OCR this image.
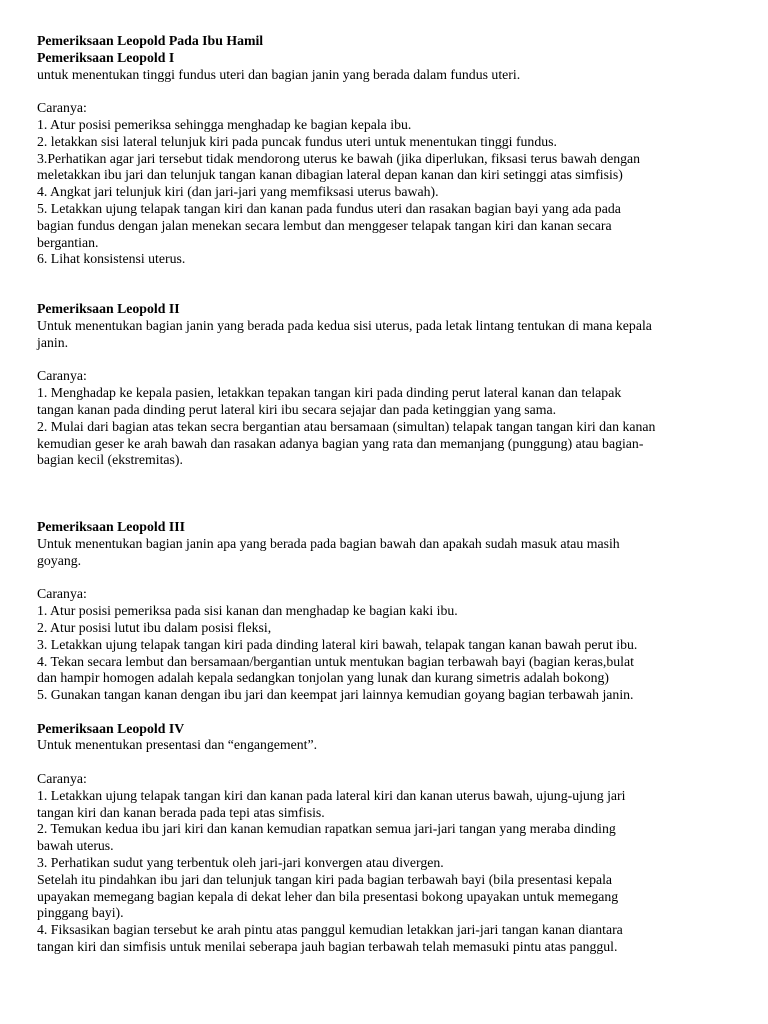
Pemeriksaan Leopold Pada Ibu Hamil
Pemeriksaan Leopold I
untuk menentukan tinggi fundus uteri dan bagian janin yang berada dalam fundus uteri.
Caranya:
1. Atur posisi pemeriksa sehingga menghadap ke bagian kepala ibu.
2. letakkan sisi lateral telunjuk kiri pada puncak fundus uteri untuk menentukan tinggi fundus.
3.Perhatikan agar jari tersebut tidak mendorong uterus ke bawah (jika diperlukan, fiksasi terus bawah dengan
meletakkan ibu jari dan telunjuk tangan kanan dibagian lateral depan kanan dan kiri setinggi atas simfisis)
4. Angkat jari telunjuk kiri (dan jari-jari yang memfiksasi uterus bawah).
5. Letakkan ujung telapak tangan kiri dan kanan pada fundus uteri dan rasakan bagian bayi yang ada pada
bagian fundus dengan jalan menekan secara lembut dan menggeser telapak tangan kiri dan kanan secara
bergantian.
6. Lihat konsistensi uterus.
Pemeriksaan Leopold II
Untuk menentukan bagian janin yang berada pada kedua sisi uterus, pada letak lintang tentukan di mana kepala
janin.
Caranya:
1. Menghadap ke kepala pasien, letakkan tepakan tangan kiri pada dinding perut lateral kanan dan telapak
tangan kanan pada dinding perut lateral kiri ibu secara sejajar dan pada ketinggian yang sama.
2. Mulai dari bagian atas tekan secra bergantian atau bersamaan (simultan) telapak tangan tangan kiri dan kanan
kemudian geser ke arah bawah dan rasakan adanya bagian yang rata dan memanjang (punggung) atau bagian-
bagian kecil (ekstremitas).
Pemeriksaan Leopold III
Untuk menentukan bagian janin apa yang berada pada bagian bawah dan apakah sudah masuk atau masih
goyang.
Caranya:
1. Atur posisi pemeriksa pada sisi kanan dan menghadap ke bagian kaki ibu.
2. Atur posisi lutut ibu dalam posisi fleksi,
3. Letakkan ujung telapak tangan kiri pada dinding lateral kiri bawah, telapak tangan kanan bawah perut ibu.
4. Tekan secara lembut dan bersamaan/bergantian untuk mentukan bagian terbawah bayi (bagian keras,bulat
dan hampir homogen adalah kepala sedangkan tonjolan yang lunak dan kurang simetris adalah bokong)
5. Gunakan tangan kanan dengan ibu jari dan keempat jari lainnya kemudian goyang bagian terbawah janin.
Pemeriksaan Leopold IV
Untuk menentukan presentasi dan “engangement”.
Caranya:
1. Letakkan ujung telapak tangan kiri dan kanan pada lateral kiri dan kanan uterus bawah, ujung-ujung jari
tangan kiri dan kanan berada pada tepi atas simfisis.
2. Temukan kedua ibu jari kiri dan kanan kemudian rapatkan semua jari-jari tangan yang meraba dinding
bawah uterus.
3. Perhatikan sudut yang terbentuk oleh jari-jari konvergen atau divergen.
Setelah itu pindahkan ibu jari dan telunjuk tangan kiri pada bagian terbawah bayi (bila presentasi kepala
upayakan memegang bagian kepala di dekat leher dan bila presentasi bokong upayakan untuk memegang
pinggang bayi).
4. Fiksasikan bagian tersebut ke arah pintu atas panggul kemudian letakkan jari-jari tangan kanan diantara
tangan kiri dan simfisis untuk menilai seberapa jauh bagian terbawah telah memasuki pintu atas panggul.
